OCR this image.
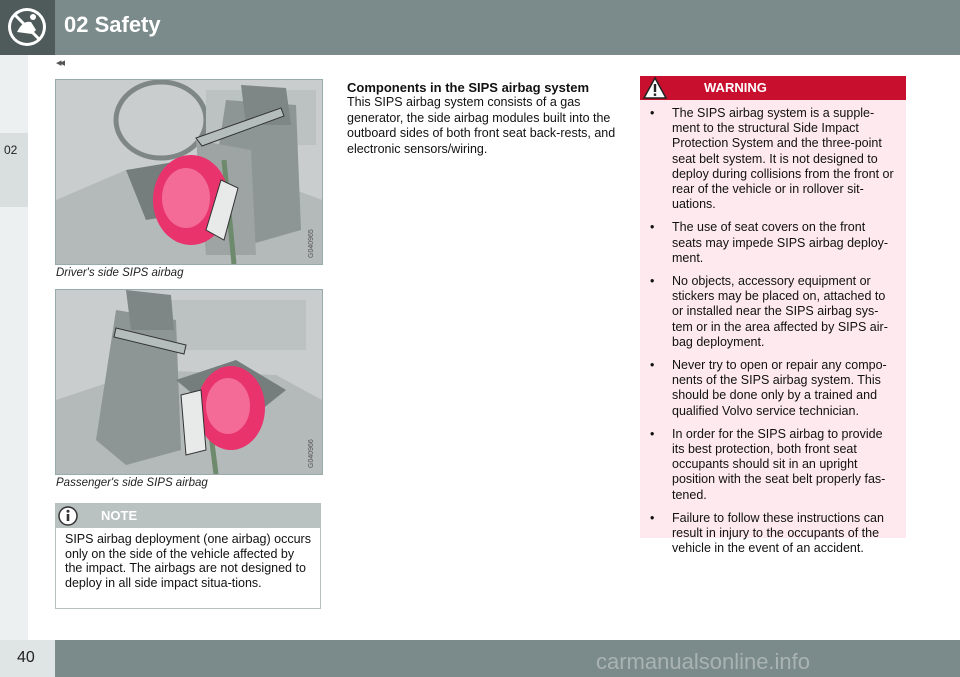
02 Safety
02
◂◂
G040965
Driver's side SIPS airbag
G040966
Passenger's side SIPS airbag
NOTE
SIPS airbag deployment (one airbag) occurs only on the side of the vehicle affected by the impact. The airbags are not designed to deploy in all side impact situa-tions.
Components in the SIPS airbag system
This SIPS airbag system consists of a gas generator, the side airbag modules built into the outboard sides of both front seat back-rests, and electronic sensors/wiring.
WARNING
• The SIPS airbag system is a supple-ment to the structural Side Impact Protection System and the three-point seat belt system. It is not designed to deploy during collisions from the front or rear of the vehicle or in rollover sit-uations.
• The use of seat covers on the front seats may impede SIPS airbag deploy-ment.
• No objects, accessory equipment or stickers may be placed on, attached to or installed near the SIPS airbag sys-tem or in the area affected by SIPS air-bag deployment.
• Never try to open or repair any compo-nents of the SIPS airbag system. This should be done only by a trained and qualified Volvo service technician.
• In order for the SIPS airbag to provide its best protection, both front seat occupants should sit in an upright position with the seat belt properly fas-tened.
• Failure to follow these instructions can result in injury to the occupants of the vehicle in the event of an accident.
40	carmanualsonline.info
